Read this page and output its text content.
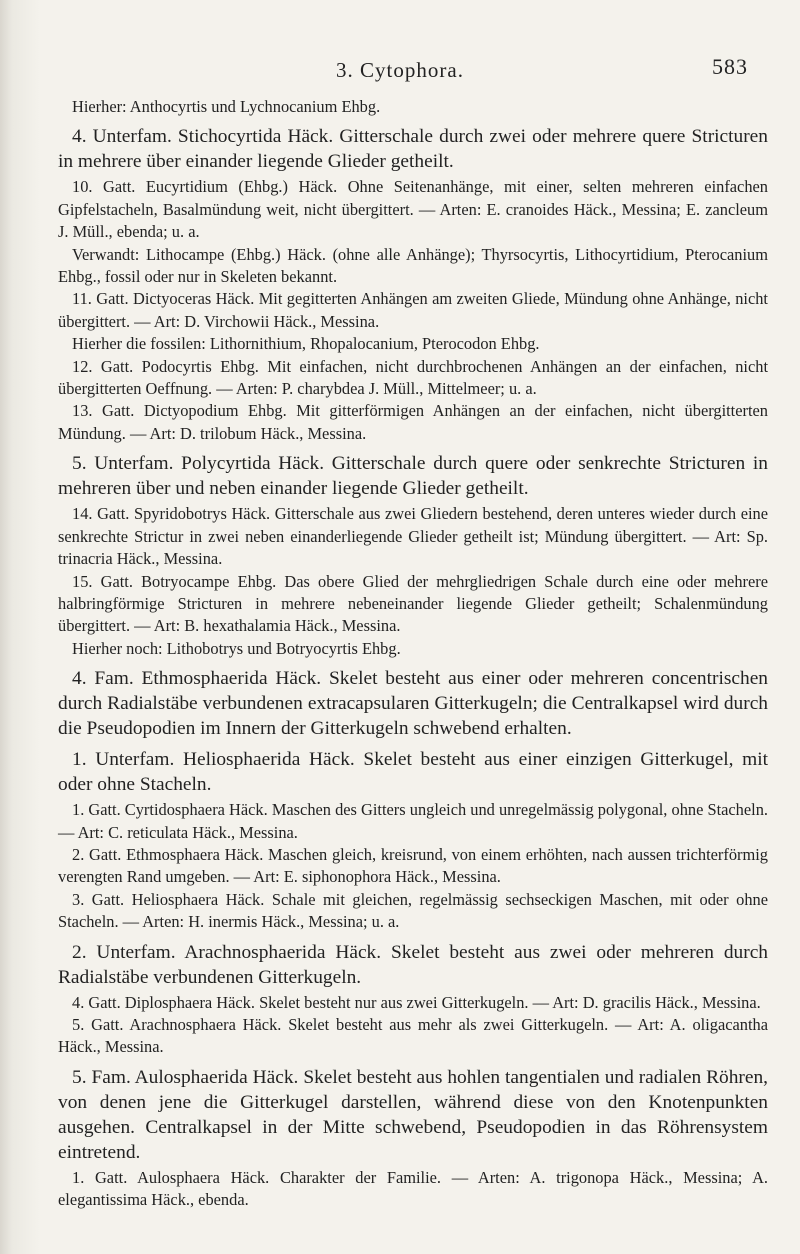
3. Cytophora.	583

Hierher: Anthocyrtis und Lychnocanium Ehbg.

4. Unterfam. Stichocyrtida Häck. Gitterschale durch zwei oder mehrere quere Stricturen in mehrere über einander liegende Glieder getheilt.

10. Gatt. Eucyrtidium (Ehbg.) Häck. Ohne Seitenanhänge, mit einer, selten mehreren einfachen Gipfelstacheln, Basalmündung weit, nicht übergittert. — Arten: E. cranoides Häck., Messina; E. zancleum J. Müll., ebenda; u. a.

Verwandt: Lithocampe (Ehbg.) Häck. (ohne alle Anhänge); Thyrsocyrtis, Lithocyrtidium, Pterocanium Ehbg., fossil oder nur in Skeleten bekannt.

11. Gatt. Dictyoceras Häck. Mit gegitterten Anhängen am zweiten Gliede, Mündung ohne Anhänge, nicht übergittert. — Art: D. Virchowii Häck., Messina.

Hierher die fossilen: Lithornithium, Rhopalocanium, Pterocodon Ehbg.

12. Gatt. Podocyrtis Ehbg. Mit einfachen, nicht durchbrochenen Anhängen an der einfachen, nicht übergitterten Oeffnung. — Arten: P. charybdea J. Müll., Mittelmeer; u. a.

13. Gatt. Dictyopodium Ehbg. Mit gitterförmigen Anhängen an der einfachen, nicht übergitterten Mündung. — Art: D. trilobum Häck., Messina.

5. Unterfam. Polycyrtida Häck. Gitterschale durch quere oder senkrechte Stricturen in mehreren über und neben einander liegende Glieder getheilt.

14. Gatt. Spyridobotrys Häck. Gitterschale aus zwei Gliedern bestehend, deren unteres wieder durch eine senkrechte Strictur in zwei neben einanderliegende Glieder getheilt ist; Mündung übergittert. — Art: Sp. trinacria Häck., Messina.

15. Gatt. Botryocampe Ehbg. Das obere Glied der mehrgliedrigen Schale durch eine oder mehrere halbringförmige Stricturen in mehrere nebeneinander liegende Glieder getheilt; Schalenmündung übergittert. — Art: B. hexathalamia Häck., Messina.

Hierher noch: Lithobotrys und Botryocyrtis Ehbg.

4. Fam. Ethmosphaerida Häck. Skelet besteht aus einer oder mehreren concentrischen durch Radialstäbe verbundenen extracapsularen Gitterkugeln; die Centralkapsel wird durch die Pseudopodien im Innern der Gitterkugeln schwebend erhalten.

1. Unterfam. Heliosphaerida Häck. Skelet besteht aus einer einzigen Gitterkugel, mit oder ohne Stacheln.

1. Gatt. Cyrtidosphaera Häck. Maschen des Gitters ungleich und unregelmässig polygonal, ohne Stacheln. — Art: C. reticulata Häck., Messina.

2. Gatt. Ethmosphaera Häck. Maschen gleich, kreisrund, von einem erhöhten, nach aussen trichterförmig verengten Rand umgeben. — Art: E. siphonophora Häck., Messina.

3. Gatt. Heliosphaera Häck. Schale mit gleichen, regelmässig sechseckigen Maschen, mit oder ohne Stacheln. — Arten: H. inermis Häck., Messina; u. a.

2. Unterfam. Arachnosphaerida Häck. Skelet besteht aus zwei oder mehreren durch Radialstäbe verbundenen Gitterkugeln.

4. Gatt. Diplosphaera Häck. Skelet besteht nur aus zwei Gitterkugeln. — Art: D. gracilis Häck., Messina.

5. Gatt. Arachnosphaera Häck. Skelet besteht aus mehr als zwei Gitterkugeln. — Art: A. oligacantha Häck., Messina.

5. Fam. Aulosphaerida Häck. Skelet besteht aus hohlen tangentialen und radialen Röhren, von denen jene die Gitterkugel darstellen, während diese von den Knotenpunkten ausgehen. Centralkapsel in der Mitte schwebend, Pseudopodien in das Röhrensystem eintretend.

1. Gatt. Aulosphaera Häck. Charakter der Familie. — Arten: A. trigonopa Häck., Messina; A. elegantissima Häck., ebenda.
